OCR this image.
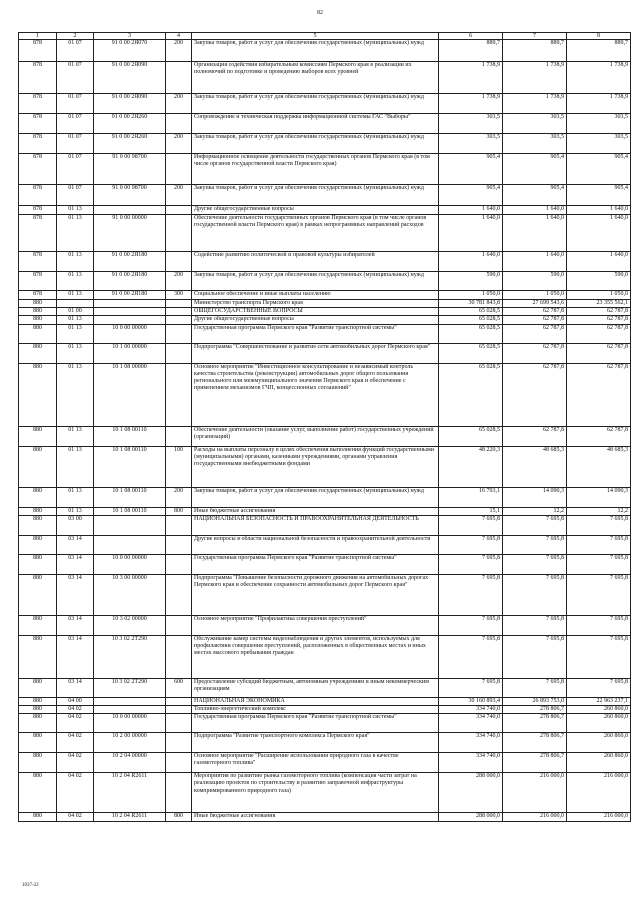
82
1	2	3	4	5	6	7	8
878	01 07	91 0 00 2Я070	200	Закупка товаров, работ и услуг для обеспечения государственных (муниципальных) нужд	889,7	889,7	889,7
878	01 07	91 0 00 2Я090		Организация содействия избирательным комиссиям Пермского края в реализации их полномочий по подготовке и проведению выборов всех уровней	1 738,9	1 738,9	1 738,9
878	01 07	91 0 00 2Я090	200	Закупка товаров, работ и услуг для обеспечения государственных (муниципальных) нужд	1 738,9	1 738,9	1 738,9
878	01 07	91 0 00 2Я260		Сопровождение и техническая поддержка информационной системы ГАС "Выборы"	303,5	303,5	303,5
878	01 07	91 0 00 2Я260	200	Закупка товаров, работ и услуг для обеспечения государственных (муниципальных) нужд	303,5	303,5	303,5
878	01 07	91 0 00 98700		Информационное освещение деятельности государственных органов Пермского края (в том числе органов государственной власти Пермского края)	905,4	905,4	905,4
878	01 07	91 0 00 98700	200	Закупка товаров, работ и услуг для обеспечения государственных (муниципальных) нужд	905,4	905,4	905,4
878	01 13			Другие общегосударственные вопросы	1 640,0	1 640,0	1 640,0
878	01 13	91 0 00 00000		Обеспечение деятельности государственных органов Пермского края (в том числе органов государственной власти Пермского края) в рамках непрограммных направлений расходов	1 640,0	1 640,0	1 640,0
878	01 13	91 0 00 2Я180		Содействие развитию политической и правовой культуры избирателей	1 640,0	1 640,0	1 640,0
878	01 13	91 0 00 2Я180	200	Закупка товаров, работ и услуг для обеспечения государственных (муниципальных) нужд	590,0	590,0	590,0
878	01 13	91 0 00 2Я180	300	Социальное обеспечение и иные выплаты населению	1 050,0	1 050,0	1 050,0
880				Министерство транспорта Пермского края	30 781 843,8	27 699 543,6	23 355 562,1
880	01 00			ОБЩЕГОСУДАРСТВЕННЫЕ ВОПРОСЫ	65 028,5	62 787,8	62 787,8
880	01 13			Другие общегосударственные вопросы	65 028,5	62 787,8	62 787,8
880	01 13	10 0 00 00000		Государственная программа Пермского края "Развитие транспортной системы"	65 028,5	62 787,8	62 787,8
880	01 13	10 1 00 00000		Подпрограмма "Совершенствование и развитие сети автомобильных дорог Пермского края"	65 028,5	62 787,8	62 787,8
880	01 13	10 1 08 00000		Основное мероприятие "Инвестиционное консультирование и независимый контроль качества строительства (реконструкции) автомобильных дорог общего пользования регионального или межмуниципального значения Пермского края и обеспечение с применением механизмов ГЧП, концессионных соглашений"	65 028,5	62 787,8	62 787,8
880	01 13	10 1 08 00110		Обеспечение деятельности (оказание услуг, выполнение работ) государственных учреждений (организаций)	65 028,5	62 787,8	62 787,8
880	01 13	10 1 08 00110	100	Расходы на выплаты персоналу в целях обеспечения выполнения функций государственными (муниципальными) органами, казенными учреждениями, органами управления государственными внебюджетными фондами	48 220,3	48 685,3	48 685,3
880	01 13	10 1 08 00110	200	Закупка товаров, работ и услуг для обеспечения государственных (муниципальных) нужд	16 793,1	14 090,3	14 090,3
880	01 13	10 1 08 00110	800	Иные бюджетные ассигнования	15,1	12,2	12,2
880	03 00			НАЦИОНАЛЬНАЯ БЕЗОПАСНОСТЬ И ПРАВООХРАНИТЕЛЬНАЯ ДЕЯТЕЛЬНОСТЬ	7 695,8	7 695,8	7 695,8
880	03 14			Другие вопросы в области национальной безопасности и правоохранительной деятельности	7 695,8	7 695,8	7 695,8
880	03 14	10 0 00 00000		Государственная программа Пермского края "Развитие транспортной системы"	7 695,8	7 695,8	7 695,8
880	03 14	10 3 00 00000		Подпрограмма "Повышение безопасности дорожного движения на автомобильных дорогах Пермского края и обеспечение сохранности автомобильных дорог Пермского края"	7 695,8	7 695,8	7 695,8
880	03 14	10 3 02 00000		Основное мероприятие "Профилактика совершения преступлений"	7 695,8	7 695,8	7 695,8
880	03 14	10 3 02 2Т290		Обслуживание камер системы видеонаблюдения и других элементов, используемых для профилактики совершения преступлений, расположенных в общественных местах и иных местах массового пребывания граждан	7 695,8	7 695,8	7 695,8
880	03 14	10 3 02 2Т290	600	Предоставление субсидий бюджетным, автономным учреждениям и иным некоммерческим организациям	7 695,8	7 695,8	7 695,8
880	04 00			НАЦИОНАЛЬНАЯ ЭКОНОМИКА	30 160 893,4	26 893 753,0	22 963 237,1
880	04 02			Топливно-энергетический комплекс	334 740,0	278 806,7	260 860,0
880	04 02	10 0 00 00000		Государственная программа Пермского края "Развитие транспортной системы"	334 740,0	278 806,7	260 860,0
880	04 02	10 2 00 00000		Подпрограмма "Развитие транспортного комплекса Пермского края"	334 740,0	278 806,7	260 860,0
880	04 02	10 2 04 00000		Основное мероприятие "Расширение использования природного газа в качестве газомоторного топлива"	334 740,0	278 806,7	260 860,0
880	04 02	10 2 04 R2611		Мероприятия по развитию рынка газомоторного топлива (компенсация части затрат на реализацию проектов по строительству и развитию заправочной инфраструктуры компримированного природного газа)	288 000,0	216 000,0	216 000,0
880	04 02	10 2 04 R2611	800	Иные бюджетные ассигнования	288 000,0	216 000,0	216 000,0
1037-22
